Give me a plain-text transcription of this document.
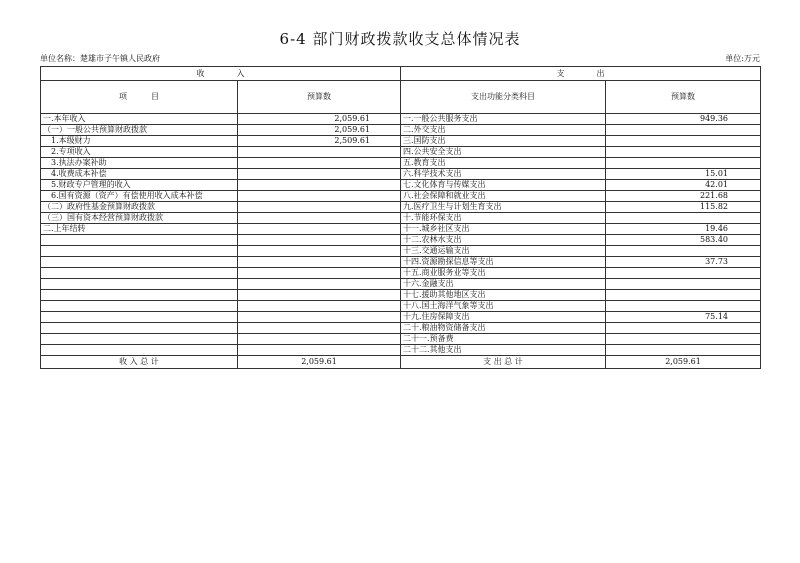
6-4 部门财政拨款收支总体情况表
单位名称：楚雄市子午镇人民政府	单位:万元
收　　　　入		支　　　　出	
项　　　目	预算数	支出功能分类科目	预算数
一.本年收入	2,059.61	一.一般公共服务支出	949.36
（一）一般公共预算财政拨款	2,059.61	二.外交支出	
　1.本级财力	2,509.61	三.国防支出	
　2.专项收入		四.公共安全支出	
　3.执法办案补助		五.教育支出	
　4.收费成本补偿		六.科学技术支出	15.01
　5.财政专户管理的收入		七.文化体育与传媒支出	42.01
　6.国有资源（资产）有偿使用收入成本补偿		八.社会保障和就业支出	221.68
（二）政府性基金预算财政拨款		九.医疗卫生与计划生育支出	115.82
（三）国有资本经营预算财政拨款		十.节能环保支出	
二.上年结转		十一.城乡社区支出	19.46
		十二.农林水支出	583.40
		十三.交通运输支出	
		十四.资源勘探信息等支出	37.73
		十五.商业服务业等支出	
		十六.金融支出	
		十七.援助其他地区支出	
		十八.国土海洋气象等支出	
		十九.住房保障支出	75.14
		二十.粮油物资储备支出	
		二十一.预备费	
		二十二.其他支出	
收 入 总 计	2,059.61	支 出 总 计	2,059.61
